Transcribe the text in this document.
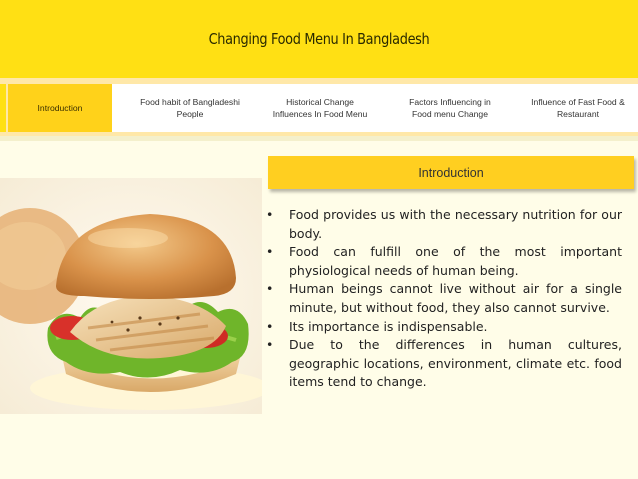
Changing Food Menu In Bangladesh
Introduction
Food habit of Bangladeshi People
Historical Change Influences In Food Menu
Factors Influencing in Food menu Change
Influence of Fast Food & Restaurant
Introduction
• Food provides us with the necessary nutrition for our body.
• Food can fulfill one of the most important physiological needs of human being.
• Human beings cannot live without air for a single minute, but without food, they also cannot survive.
• Its importance is indispensable.
• Due to the differences in human cultures, geographic locations, environment, climate etc. food items tend to change.
